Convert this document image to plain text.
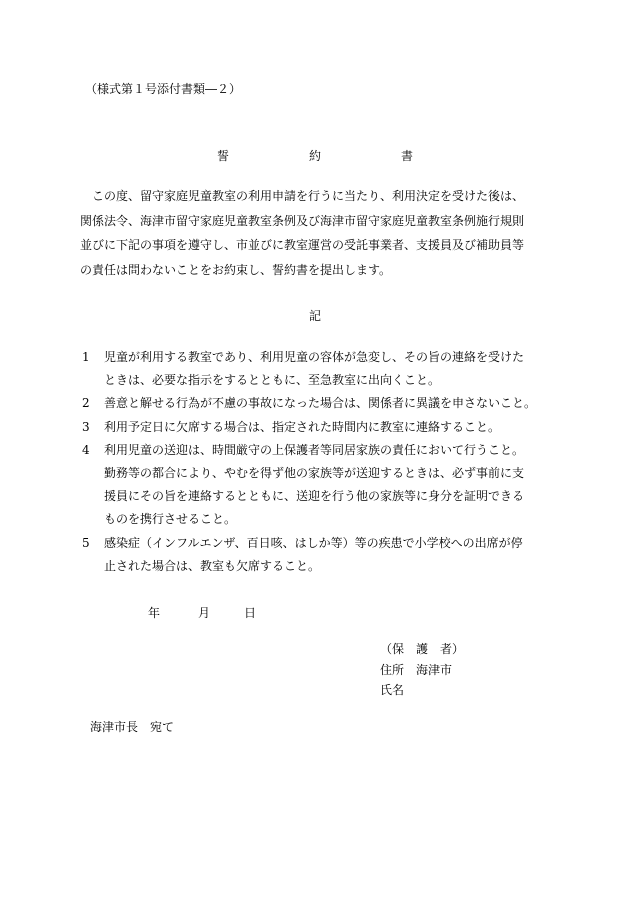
（様式第１号添付書類―２）
誓	約	書

　この度、留守家庭児童教室の利用申請を行うに当たり、利用決定を受けた後は、

関係法令、海津市留守家庭児童教室条例及び海津市留守家庭児童教室条例施行規則

並びに下記の事項を遵守し、市並びに教室運営の受託事業者、支援員及び補助員等

の責任は問わないことをお約束し、誓約書を提出します。

記
1 児童が利用する教室であり、利用児童の容体が急変し、その旨の連絡を受けた
ときは、必要な指示をするとともに、至急教室に出向くこと。
2 善意と解せる行為が不慮の事故になった場合は、関係者に異議を申さないこと。
3 利用予定日に欠席する場合は、指定された時間内に教室に連絡すること。
4 利用児童の送迎は、時間厳守の上保護者等同居家族の責任において行うこと。
勤務等の都合により、やむを得ず他の家族等が送迎するときは、必ず事前に支
援員にその旨を連絡するとともに、送迎を行う他の家族等に身分を証明できる
ものを携行させること。
5 感染症（インフルエンザ、百日咳、はしか等）等の疾患で小学校への出席が停
止された場合は、教室も欠席すること。
年	月	日
（保　護　者）
住所　海津市
氏名
海津市長　宛て
